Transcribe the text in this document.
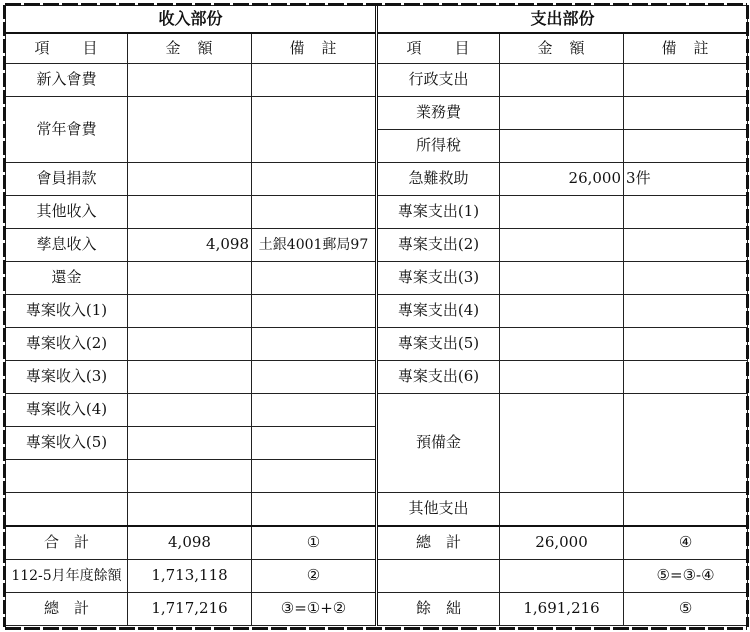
收入部份			支出部份		
項　　目	金　額	備　註	項　　目	金　額	備　註
新入會費			行政支出		
常年會費			業務費		
			所得稅		
會員捐款			急難救助	26,000	3件
其他收入			專案支出(1)		
孳息收入	4,098	土銀4001郵局97	專案支出(2)		
還金			專案支出(3)		
專案收入(1)			專案支出(4)		
專案收入(2)			專案支出(5)		
專案收入(3)			專案支出(6)		
專案收入(4)			預備金		
專案收入(5)					

			其他支出		
合　計	4,098	①	總　計	26,000	④
112-5月年度餘額	1,713,118	②			⑤=③-④
總　計	1,717,216	③=①+②	餘　絀	1,691,216	⑤
